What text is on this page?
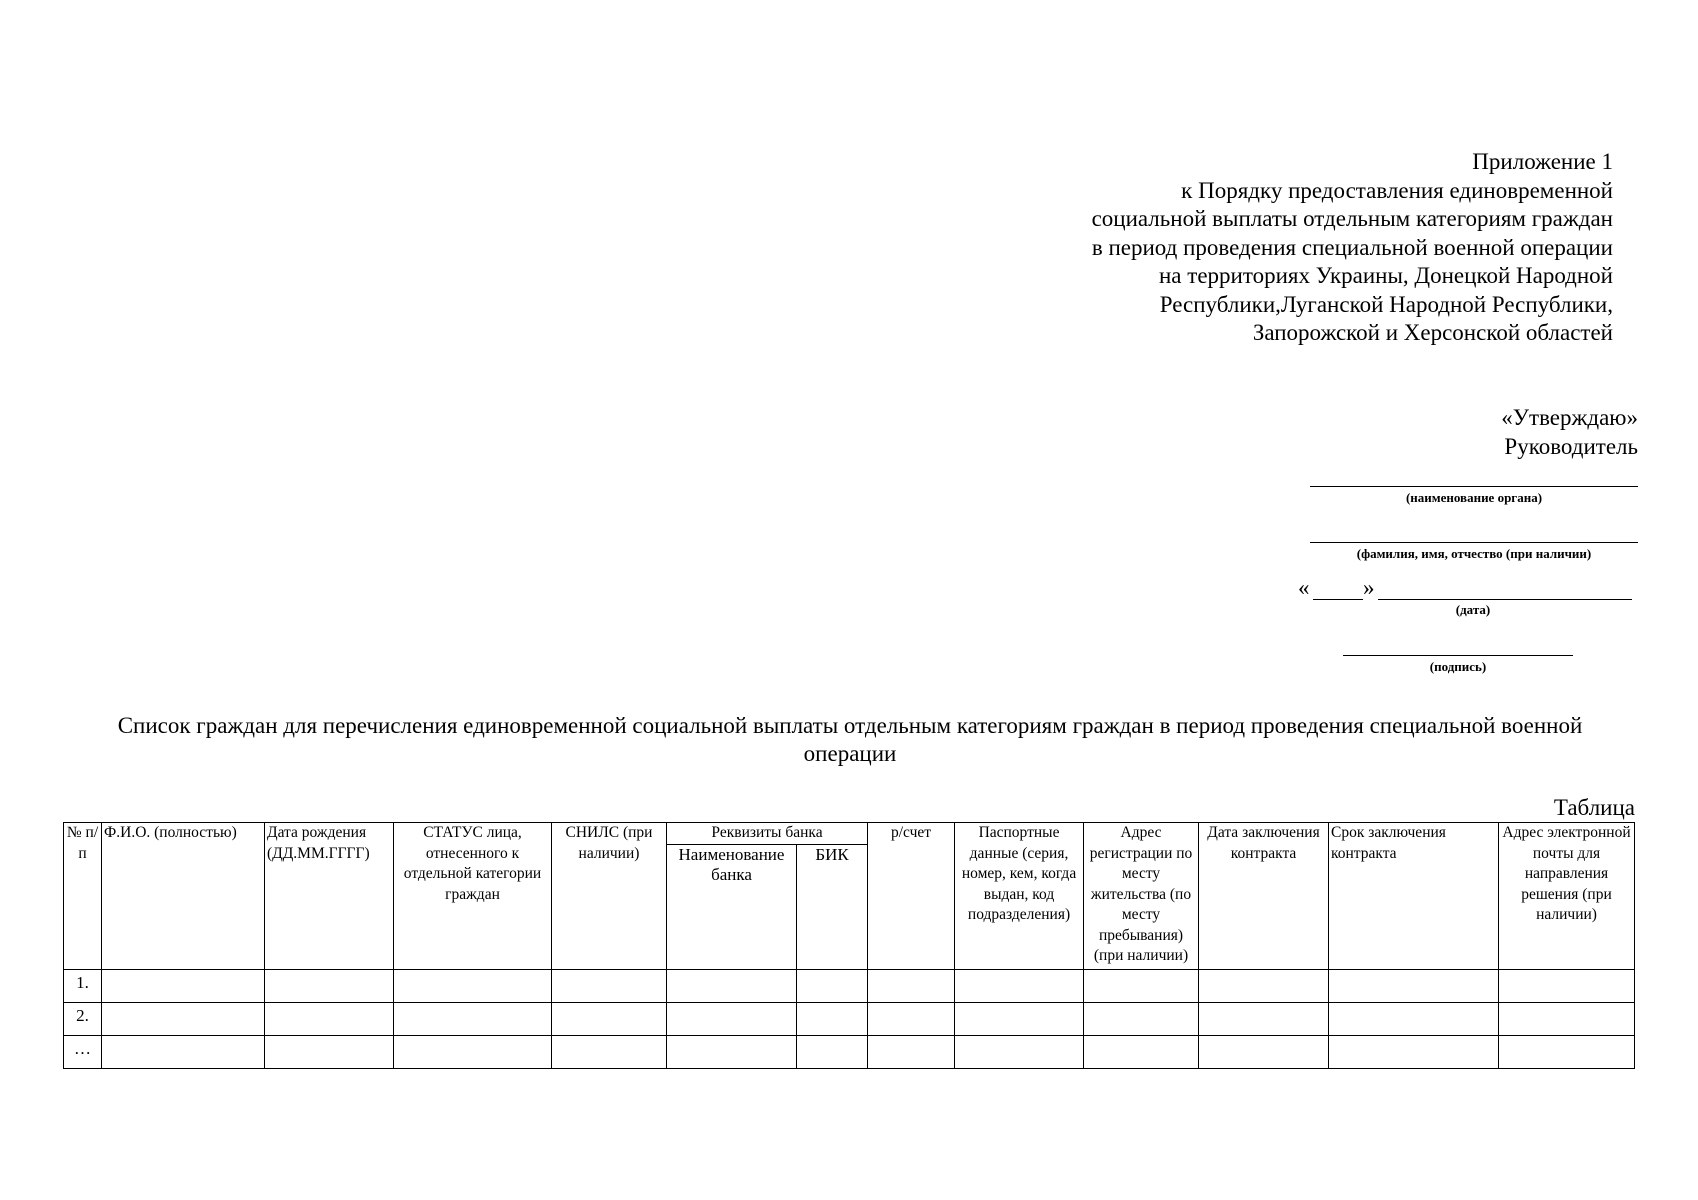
Приложение 1
к Порядку предоставления единовременной
социальной выплаты отдельным категориям граждан
в период проведения специальной военной операции
на территориях Украины, Донецкой Народной
Республики,Луганской Народной Республики,
Запорожской и Херсонской областей
«Утверждаю»
Руководитель
(наименование органа)
(фамилия, имя, отчество (при наличии)
« »
(дата)
(подпись)
Список граждан для перечисления единовременной социальной выплаты отдельным категориям граждан в период проведения специальной военной
операции
Таблица
№ п/п	Ф.И.О. (полностью)	Дата рождения (ДД.ММ.ГГГГ)	СТАТУС лица, отнесенного к отдельной категории граждан	СНИЛС (при наличии)	Реквизиты банка		р/счет	Паспортные данные (серия, номер, кем, когда выдан, код подразделения)	Адрес регистрации по месту жительства (по месту пребывания) (при наличии)	Дата заключения контракта	Срок заключения контракта	Адрес электронной почты для направления решения (при наличии)
					Наименование банка	БИК						
1.												
2.												
…												
